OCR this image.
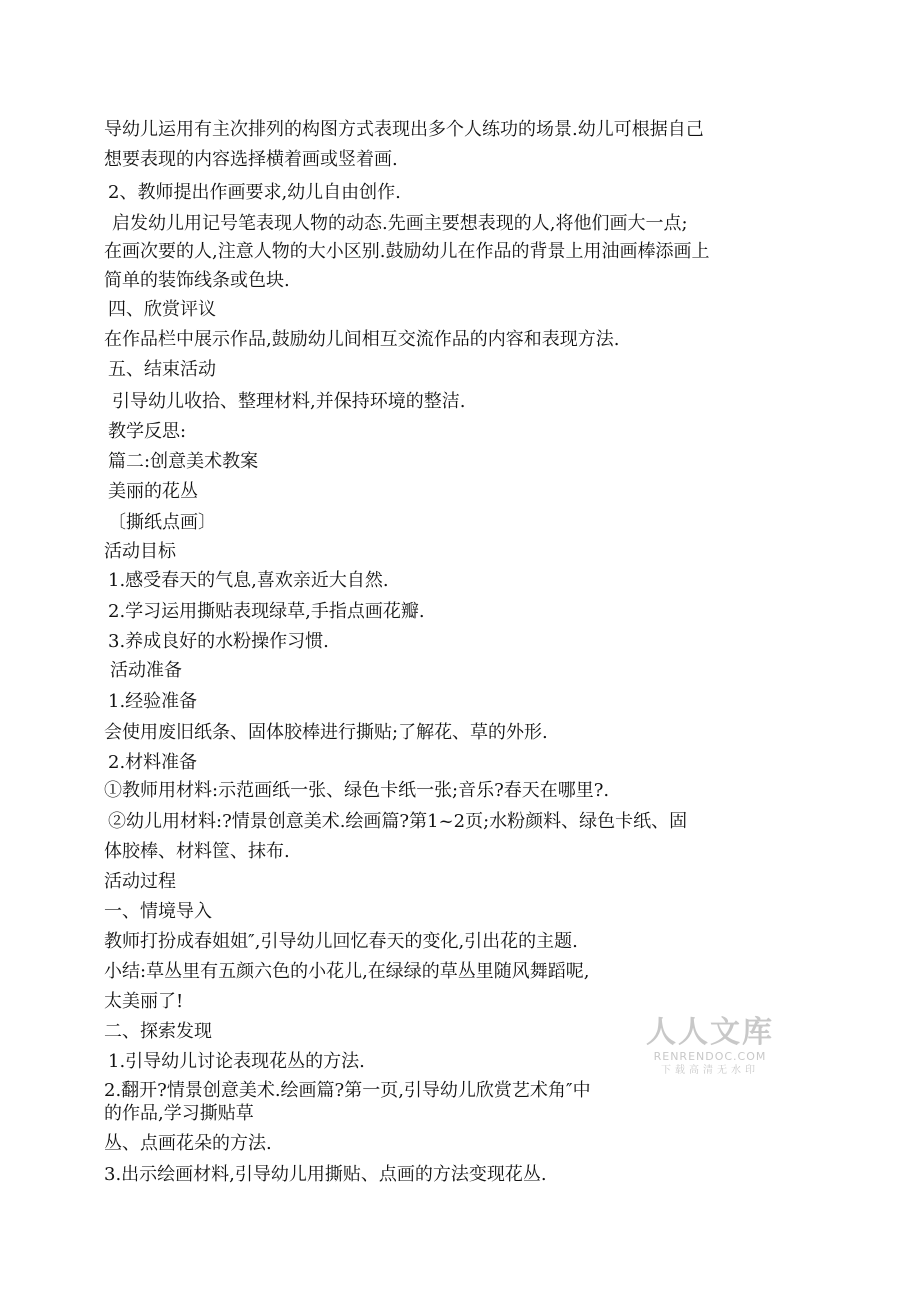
导幼儿运用有主次排列的构图方式表现出多个人练功的场景.幼儿可根据自己
想要表现的内容选择横着画或竖着画.
2、教师提出作画要求,幼儿自由创作.
启发幼儿用记号笔表现人物的动态.先画主要想表现的人,将他们画大一点;
在画次要的人,注意人物的大小区别.鼓励幼儿在作品的背景上用油画棒添画上
简单的装饰线条或色块.
四、欣赏评议
在作品栏中展示作品,鼓励幼儿间相互交流作品的内容和表现方法.
五、结束活动
引导幼儿收拾、整理材料,并保持环境的整洁.
教学反思:
篇二:创意美术教案
美丽的花丛
〔撕纸点画〕
活动目标
1.感受春天的气息,喜欢亲近大自然.
2.学习运用撕贴表现绿草,手指点画花瓣.
3.养成良好的水粉操作习惯.
活动准备
1.经验准备
会使用废旧纸条、固体胶棒进行撕贴;了解花、草的外形.
2.材料准备
①教师用材料:示范画纸一张、绿色卡纸一张;音乐?春天在哪里?.
②幼儿用材料:?情景创意美术.绘画篇?第1~2页;水粉颜料、绿色卡纸、固
体胶棒、材料筐、抹布.
活动过程
一、情境导入
教师打扮成春姐姐″,引导幼儿回忆春天的变化,引出花的主题.
小结:草丛里有五颜六色的小花儿,在绿绿的草丛里随风舞蹈呢,
太美丽了!
二、探索发现
1.引导幼儿讨论表现花丛的方法.
2.翻开?情景创意美术.绘画篇?第一页,引导幼儿欣赏艺术角″中
的作品,学习撕贴草
丛、点画花朵的方法.
3.出示绘画材料,引导幼儿用撕贴、点画的方法变现花丛.
人人文库
RENRENDOC.COM
下载高清无水印
